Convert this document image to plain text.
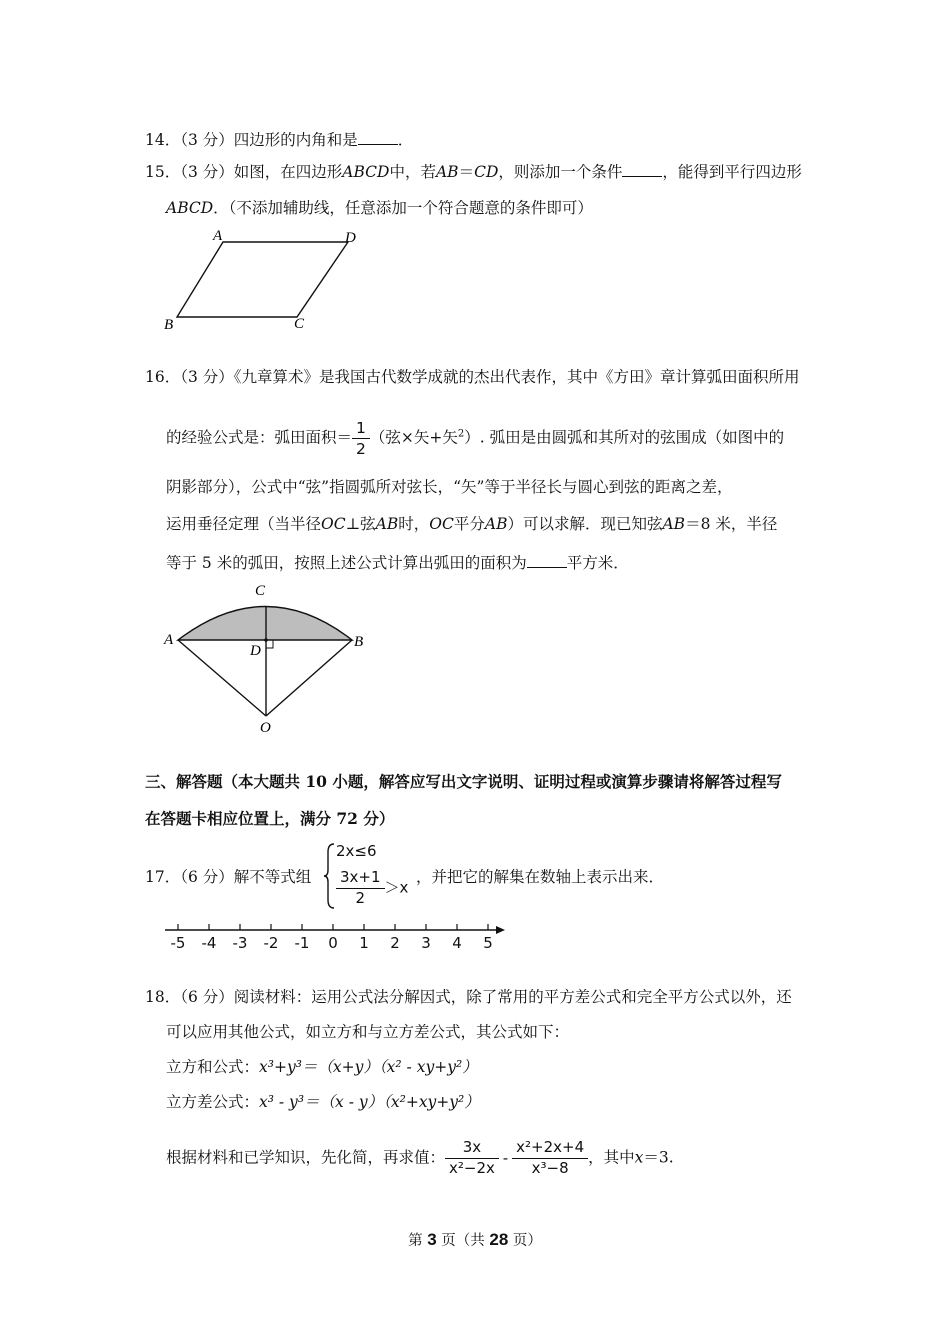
14．（3 分）四边形的内角和是	．
15．（3 分）如图，在四边形ABCD中，若AB＝CD，则添加一个条件	，能得到平行四边形
ABCD．（不添加辅助线，任意添加一个符合题意的条件即可）
A	D
B	C
16．（3 分）《九章算术》是我国古代数学成就的杰出代表作，其中《方田》章计算弧田面积所用
的经验公式是：弧田面积＝ $\frac{1}{2}$ （弦×矢+矢$^2$）. 弧田是由圆弧和其所对的弦围成（如图中的
阴影部分），公式中“弦”指圆弧所对弦长，“矢”等于半径长与圆心到弦的距离之差，
运用垂径定理（当半径OC⊥弦AB时，OC平分AB）可以求解．现已知弦AB＝8 米，半径
等于 5 米的弧田，按照上述公式计算出弧田的面积为	平方米．
C
A	B
D
O
三、解答题（本大题共 10 小题，解答应写出文字说明、证明过程或演算步骤请将解答过程写
在答题卡相应位置上，满分 72 分）
17．（6 分）解不等式组
2x≤6
$\frac{3x+1}{2} >x$
，并把它的解集在数轴上表示出来．
-5	-4	-3	-2	-1	0	1	2	3	4	5
18．（6 分）阅读材料：运用公式法分解因式，除了常用的平方差公式和完全平方公式以外，还
可以应用其他公式，如立方和与立方差公式，其公式如下：
立方和公式：x³+y³＝（x+y）（x² - xy+y²）
立方差公式：x³ - y³＝（x - y）（x²+xy+y²）
根据材料和已学知识，先化简，再求值： $\frac{3x}{\text{x²−2x}} - \frac{\text{x²+2x+4}}{\text{x³−8}}$ ，其中x＝3.
第 3 页（共 28 页）
